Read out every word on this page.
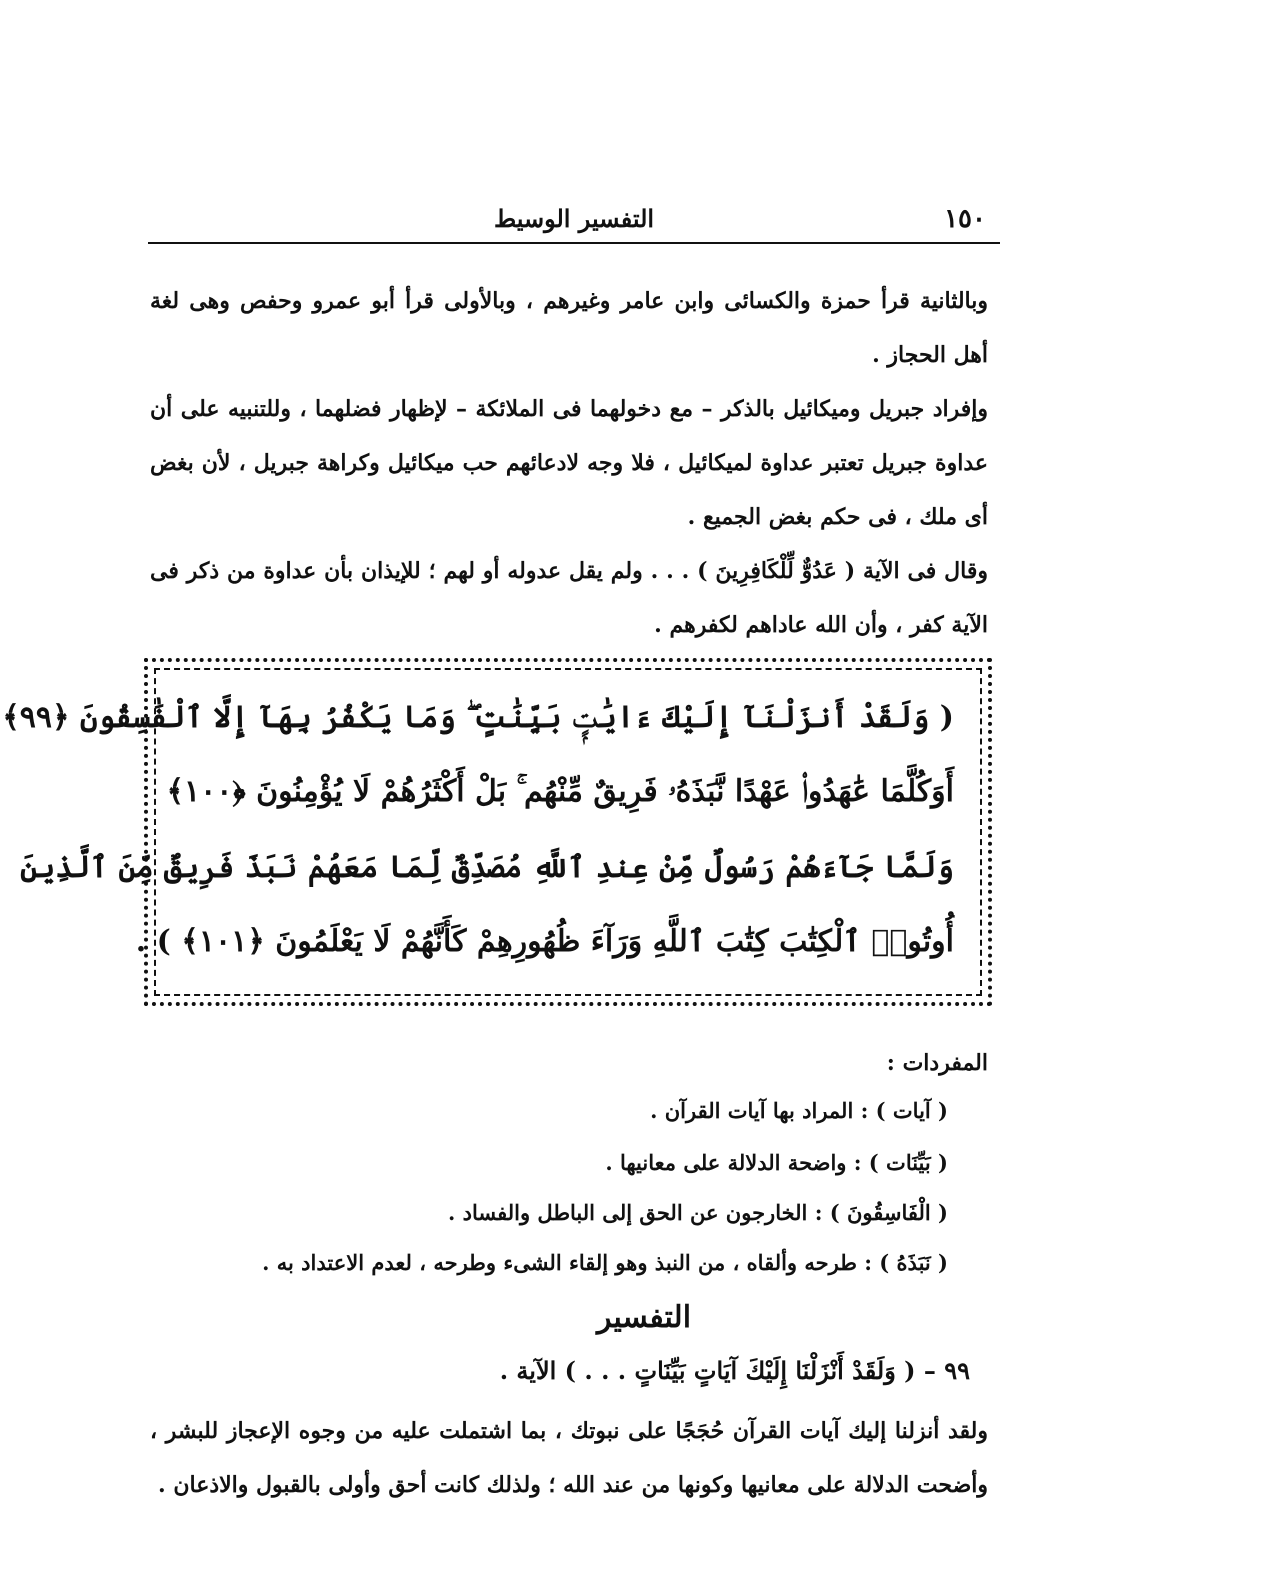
١٥٠
التفسير الوسيط
وبالثانية قرأ حمزة والكسائى وابن عامر وغيرهم ، وبالأولى قرأ أبو عمرو وحفص وهى لغة أهل الحجاز .
وإفراد جبريل وميكائيل بالذكر – مع دخولهما فى الملائكة – لإظهار فضلهما ، وللتنبيه على أن عداوة جبريل تعتبر عداوة لميكائيل ، فلا وجه لادعائهم حب ميكائيل وكراهة جبريل ، لأن بغض أى ملك ، فى حكم بغض الجميع .
وقال فى الآية ( عَدُوٌّ لِّلْكَافِرِينَ ) . . . ولم يقل عدوله أو لهم ؛ للإيذان بأن عداوة من ذكر فى الآية كفر ، وأن الله عاداهم لكفرهم .
( وَلَقَدْ أَنزَلْنَآ إِلَيْكَ ءَايَٰتٍۭ بَيِّنَٰتٍ ۖ وَمَا يَكْفُرُ بِهَآ إِلَّا ٱلْفَٰسِقُونَ ﴿٩٩﴾
أَوَكُلَّمَا عَٰهَدُوا۟ عَهْدًا نَّبَذَهُۥ فَرِيقٌ مِّنْهُم ۚ بَلْ أَكْثَرُهُمْ لَا يُؤْمِنُونَ ﴿١٠٠﴾
وَلَمَّا جَآءَهُمْ رَسُولٌ مِّنْ عِندِ ٱللَّهِ مُصَدِّقٌ لِّمَا مَعَهُمْ نَبَذَ فَرِيقٌ مِّنَ ٱلَّذِينَ
أُوتُوا۟ ٱلْكِتَٰبَ كِتَٰبَ ٱللَّهِ وَرَآءَ ظُهُورِهِمْ كَأَنَّهُمْ لَا يَعْلَمُونَ ﴿١٠١﴾ ) .
المفردات :
( آيات ) : المراد بها آيات القرآن .
( بَيِّنَات ) : واضحة الدلالة على معانيها .
( الْفَاسِقُونَ ) : الخارجون عن الحق إلى الباطل والفساد .
( نَبَذَهُ ) : طرحه وألقاه ، من النبذ وهو إلقاء الشىء وطرحه ، لعدم الاعتداد به .
التفسير
٩٩ – ( وَلَقَدْ أَنْزَلْنَا إِلَيْكَ آيَاتٍ بَيِّنَاتٍ . . . ) الآية .
ولقد أنزلنا إليك آيات القرآن حُجَجًا على نبوتك ، بما اشتملت عليه من وجوه الإعجاز للبشر ، وأضحت الدلالة على معانيها وكونها من عند الله ؛ ولذلك كانت أحق وأولى بالقبول والاذعان .
